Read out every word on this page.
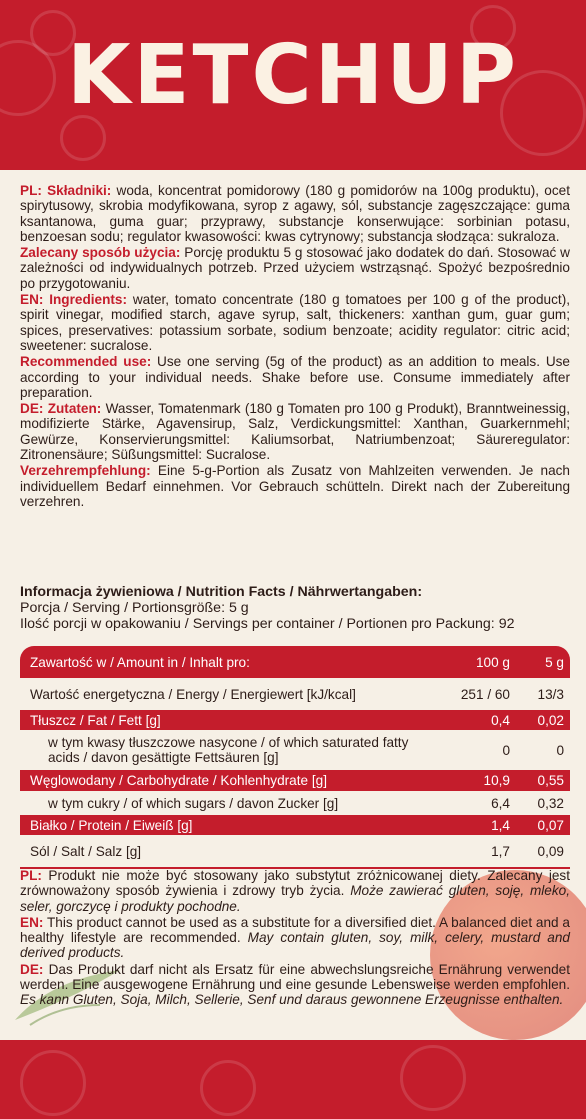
KETCHUP

PL: Składniki: woda, koncentrat pomidorowy (180 g pomidorów na 100g produktu), ocet spirytusowy, skrobia modyfikowana, syrop z agawy, sól, substancje zagęszczające: guma ksantanowa, guma guar; przyprawy, substancje konserwujące: sorbinian potasu, benzoesan sodu; regulator kwasowości: kwas cytrynowy; substancja słodząca: sukraloza.

Zalecany sposób użycia: Porcję produktu 5 g stosować jako dodatek do dań. Stosować w zależności od indywidualnych potrzeb. Przed użyciem wstrząsnąć. Spożyć bezpośrednio po przygotowaniu.

EN: Ingredients: water, tomato concentrate (180 g tomatoes per 100 g of the product), spirit vinegar, modified starch, agave syrup, salt, thickeners: xanthan gum, guar gum; spices, preservatives: potassium sorbate, sodium benzoate; acidity regulator: citric acid; sweetener: sucralose.

Recommended use: Use one serving (5g of the product) as an addition to meals. Use according to your individual needs. Shake before use. Consume immediately after preparation.

DE: Zutaten: Wasser, Tomatenmark (180 g Tomaten pro 100 g Produkt), Branntweinessig, modifizierte Stärke, Agavensirup, Salz, Verdickungsmittel: Xanthan, Guarkernmehl; Gewürze, Konservierungsmittel: Kaliumsorbat, Natriumbenzoat; Säureregulator: Zitronensäure; Süßungsmittel: Sucralose.

Verzehrempfehlung: Eine 5-g-Portion als Zusatz von Mahlzeiten verwenden. Je nach individuellem Bedarf einnehmen. Vor Gebrauch schütteln. Direkt nach der Zubereitung verzehren.

Informacja żywieniowa / Nutrition Facts / Nährwertangaben:
Porcja / Serving / Portionsgröße: 5 g
Ilość porcji w opakowaniu / Servings per container / Portionen pro Packung: 92
Zawartość w / Amount in / Inhalt pro:	100 g	5 g
Wartość energetyczna / Energy / Energiewert [kJ/kcal]	251 / 60	13/3
Tłuszcz / Fat / Fett [g]	0,4	0,02
w tym kwasy tłuszczowe nasycone / of which saturated fatty acids / davon gesättigte Fettsäuren [g]	0	0
Węglowodany / Carbohydrate / Kohlenhydrate [g]	10,9	0,55
w tym cukry / of which sugars / davon Zucker [g]	6,4	0,32
Białko / Protein / Eiweiß [g]	1,4	0,07
Sól / Salt / Salz [g]	1,7	0,09

PL: Produkt nie może być stosowany jako substytut zróżnicowanej diety. Zalecany jest zrównoważony sposób żywienia i zdrowy tryb życia. Może zawierać gluten, soję, mleko, seler, gorczycę i produkty pochodne.

EN: This product cannot be used as a substitute for a diversified diet. A balanced diet and a healthy lifestyle are recommended. May contain gluten, soy, milk, celery, mustard and derived products.

DE: Das Produkt darf nicht als Ersatz für eine abwechslungsreiche Ernährung verwendet werden. Eine ausgewogene Ernährung und eine gesunde Lebensweise werden empfohlen. Es kann Gluten, Soja, Milch, Sellerie, Senf und daraus gewonnene Erzeugnisse enthalten.
